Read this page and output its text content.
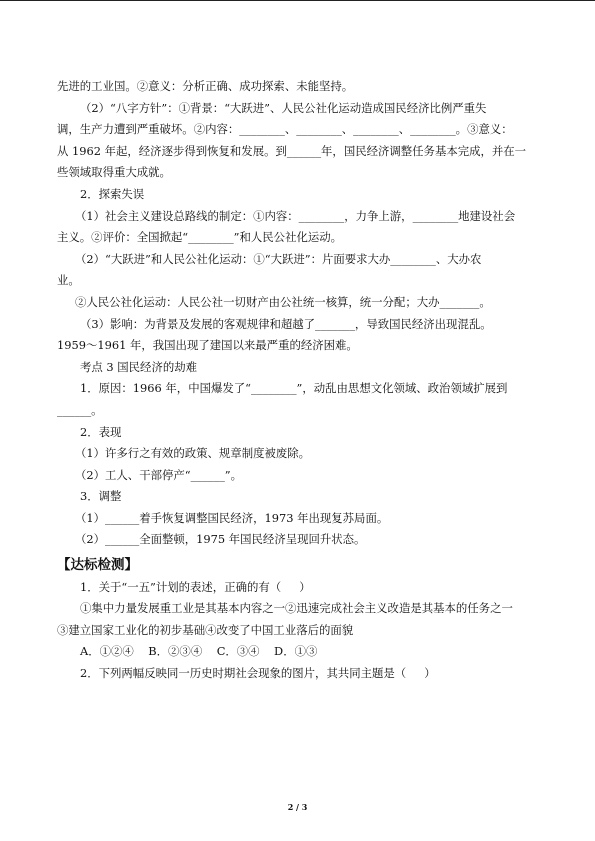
先进的工业国。②意义：分析正确、成功探索、未能坚持。

（2）“八字方针”：①背景：“大跃进”、人民公社化运动造成国民经济比例严重失

调，生产力遭到严重破坏。②内容：________、________、________、________。③意义：

从 1962 年起，经济逐步得到恢复和发展。到______年，国民经济调整任务基本完成，并在一

些领域取得重大成就。

2．探索失误

（1）社会主义建设总路线的制定：①内容：________，力争上游，________地建设社会

主义。②评价：全国掀起“________”和人民公社化运动。

（2）“大跃进”和人民公社化运动：①“大跃进”：片面要求大办________、大办农

业。

②人民公社化运动：人民公社一切财产由公社统一核算，统一分配；大办_______。

（3）影响：为背景及发展的客观规律和超越了_______，导致国民经济出现混乱。

1959～1961 年，我国出现了建国以来最严重的经济困难。

考点 3 国民经济的劫难

1．原因：1966 年，中国爆发了“________”，动乱由思想文化领域、政治领域扩展到

______。

2．表现

（1）许多行之有效的政策、规章制度被废除。

（2）工人、干部停产“______”。

3．调整

（1）______着手恢复调整国民经济，1973 年出现复苏局面。

（2）______全面整顿，1975 年国民经济呈现回升状态。

【达标检测】

1．关于“一五”计划的表述，正确的有（     ）

①集中力量发展重工业是其基本内容之一②迅速完成社会主义改造是其基本的任务之一

③建立国家工业化的初步基础④改变了中国工业落后的面貌

A．①②④    B．②③④    C．③④    D．①③

2．下列两幅反映同一历史时期社会现象的图片，其共同主题是（     ）

2 / 3
